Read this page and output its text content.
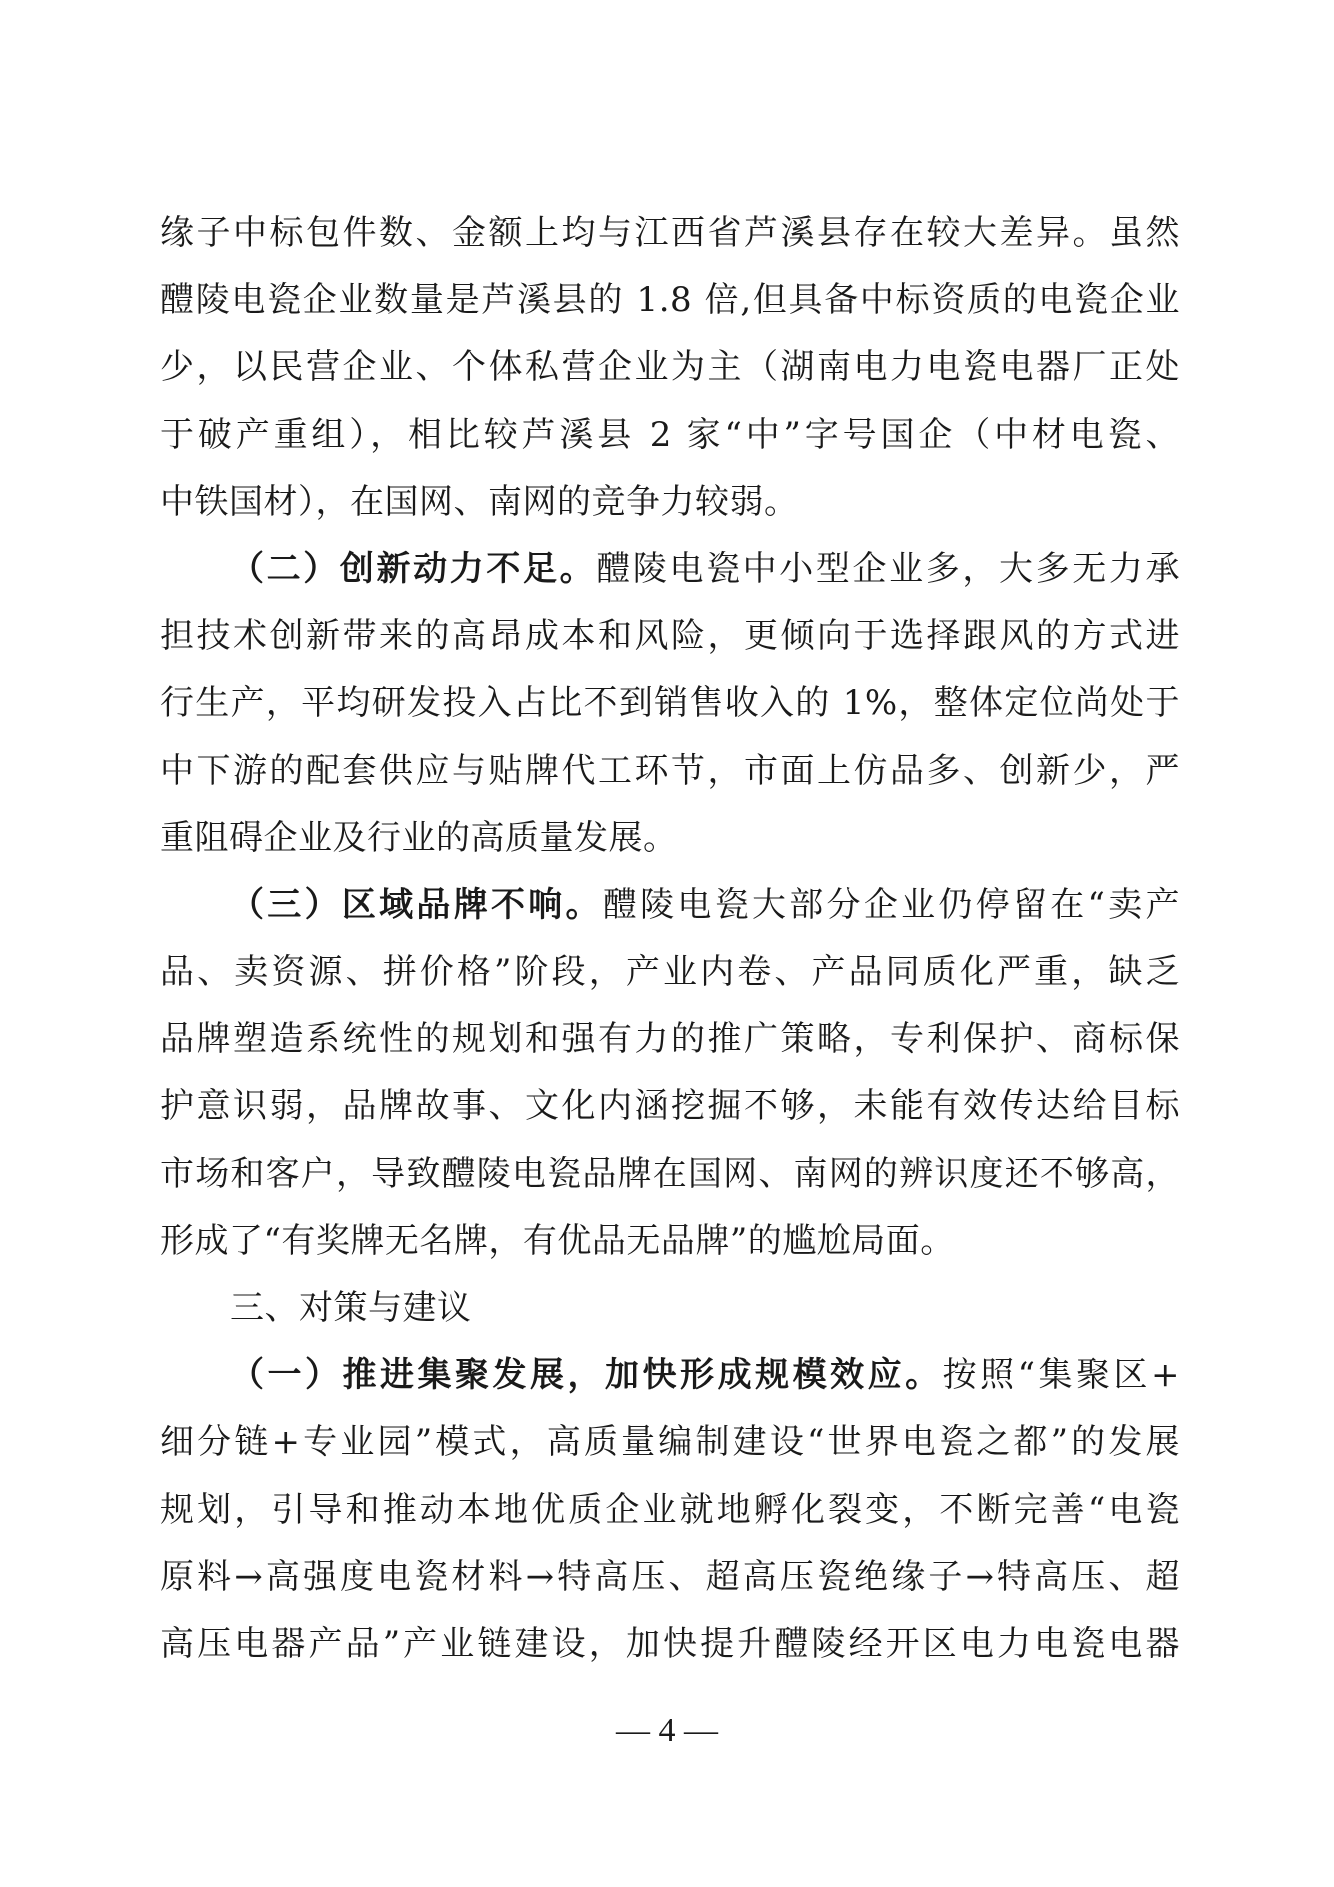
缘子中标包件数、金额上均与江西省芦溪县存在较大差异。虽然
醴陵电瓷企业数量是芦溪县的 1.8 倍,但具备中标资质的电瓷企业
少，以民营企业、个体私营企业为主（湖南电力电瓷电器厂正处
于破产重组），相比较芦溪县 2 家“中”字号国企（中材电瓷、
中铁国材），在国网、南网的竞争力较弱。
（二）创新动力不足。醴陵电瓷中小型企业多，大多无力承
担技术创新带来的高昂成本和风险，更倾向于选择跟风的方式进
行生产，平均研发投入占比不到销售收入的 1%，整体定位尚处于
中下游的配套供应与贴牌代工环节，市面上仿品多、创新少，严
重阻碍企业及行业的高质量发展。
（三）区域品牌不响。醴陵电瓷大部分企业仍停留在“卖产
品、卖资源、拼价格”阶段，产业内卷、产品同质化严重，缺乏
品牌塑造系统性的规划和强有力的推广策略，专利保护、商标保
护意识弱，品牌故事、文化内涵挖掘不够，未能有效传达给目标
市场和客户，导致醴陵电瓷品牌在国网、南网的辨识度还不够高，
形成了“有奖牌无名牌，有优品无品牌”的尴尬局面。
三、对策与建议
（一）推进集聚发展，加快形成规模效应。按照“集聚区+
细分链+专业园”模式，高质量编制建设“世界电瓷之都”的发展
规划，引导和推动本地优质企业就地孵化裂变，不断完善“电瓷
原料→高强度电瓷材料→特高压、超高压瓷绝缘子→特高压、超
高压电器产品”产业链建设，加快提升醴陵经开区电力电瓷电器
— 4 —
